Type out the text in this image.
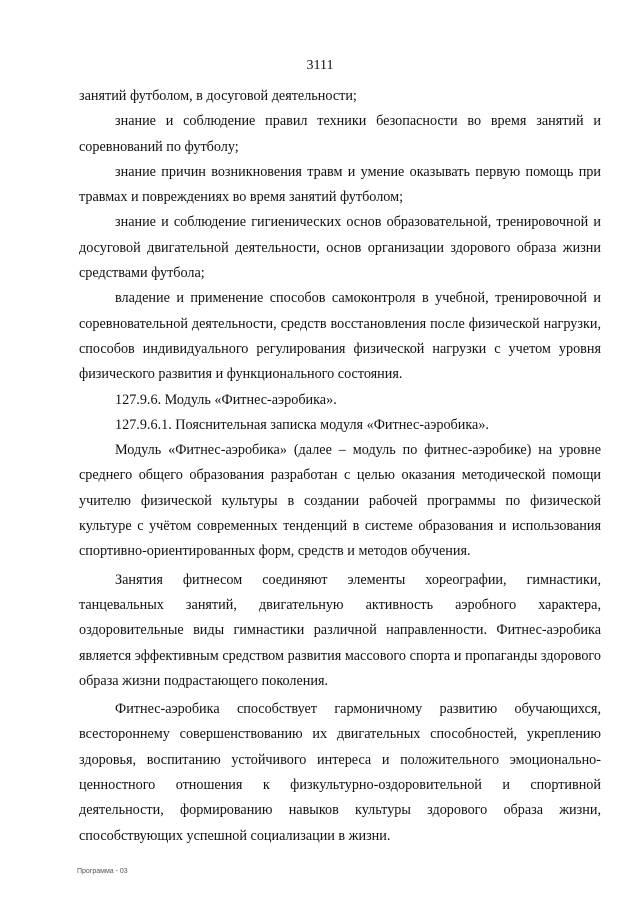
3111

занятий футболом, в досуговой деятельности;

знание и соблюдение правил техники безопасности во время занятий и соревнований по футболу;

знание причин возникновения травм и умение оказывать первую помощь при травмах и повреждениях во время занятий футболом;

знание и соблюдение гигиенических основ образовательной, тренировочной и досуговой двигательной деятельности, основ организации здорового образа жизни средствами футбола;

владение и применение способов самоконтроля в учебной, тренировочной и соревновательной деятельности, средств восстановления после физической нагрузки, способов индивидуального регулирования физической нагрузки с учетом уровня физического развития и функционального состояния.

127.9.6. Модуль «Фитнес-аэробика».

127.9.6.1. Пояснительная записка модуля «Фитнес-аэробика».

Модуль «Фитнес-аэробика» (далее – модуль по фитнес-аэробике) на уровне среднего общего образования разработан с целью оказания методической помощи учителю физической культуры в создании рабочей программы по физической культуре с учётом современных тенденций в системе образования и использования спортивно-ориентированных форм, средств и методов обучения.

Занятия фитнесом соединяют элементы хореографии, гимнастики, танцевальных занятий, двигательную активность аэробного характера, оздоровительные виды гимнастики различной направленности. Фитнес-аэробика является эффективным средством развития массового спорта и пропаганды здорового образа жизни подрастающего поколения.

Фитнес-аэробика способствует гармоничному развитию обучающихся, всестороннему совершенствованию их двигательных способностей, укреплению здоровья, воспитанию устойчивого интереса и положительного эмоционально-ценностного отношения к физкультурно-оздоровительной и спортивной деятельности, формированию навыков культуры здорового образа жизни, способствующих успешной социализации в жизни.

Программа - 03
